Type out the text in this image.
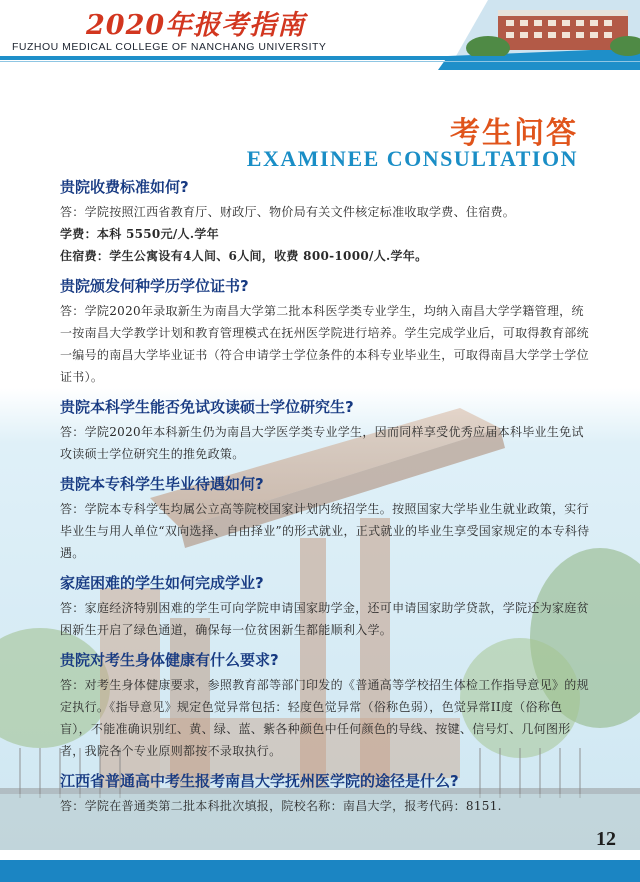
2020年报考指南
FUZHOU MEDICAL COLLEGE OF NANCHANG UNIVERSITY
考生问答
EXAMINEE CONSULTATION
贵院收费标准如何?

答：学院按照江西省教育厅、财政厅、物价局有关文件核定标准收取学费、住宿费。

学费：本科 5550元/人.学年

住宿费：学生公寓设有4人间、6人间，收费 800-1000/人.学年。

贵院颁发何种学历学位证书?

答：学院2020年录取新生为南昌大学第二批本科医学类专业学生，均纳入南昌大学学籍管理，统一按南昌大学教学计划和教育管理模式在抚州医学院进行培养。学生完成学业后，可取得教育部统一编号的南昌大学毕业证书（符合申请学士学位条件的本科专业毕业生，可取得南昌大学学士学位证书）。

贵院本科学生能否免试攻读硕士学位研究生?

答：学院2020年本科新生仍为南昌大学医学类专业学生，因而同样享受优秀应届本科毕业生免试攻读硕士学位研究生的推免政策。

贵院本专科学生毕业待遇如何?

答：学院本专科学生均属公立高等院校国家计划内统招学生。按照国家大学毕业生就业政策，实行毕业生与用人单位“双向选择、自由择业”的形式就业，正式就业的毕业生享受国家规定的本专科待遇。

家庭困难的学生如何完成学业?

答：家庭经济特别困难的学生可向学院申请国家助学金，还可申请国家助学贷款，学院还为家庭贫困新生开启了绿色通道，确保每一位贫困新生都能顺利入学。

贵院对考生身体健康有什么要求?

答：对考生身体健康要求，参照教育部等部门印发的《普通高等学校招生体检工作指导意见》的规定执行。《指导意见》规定色觉异常包括：轻度色觉异常（俗称色弱），色觉异常II度（俗称色盲），不能准确识别红、黄、绿、蓝、紫各种颜色中任何颜色的导线、按键、信号灯、几何图形者，我院各个专业原则都按不录取执行。

江西省普通高中考生报考南昌大学抚州医学院的途径是什么?

答：学院在普通类第二批本科批次填报，院校名称：南昌大学，报考代码：8151.

12
